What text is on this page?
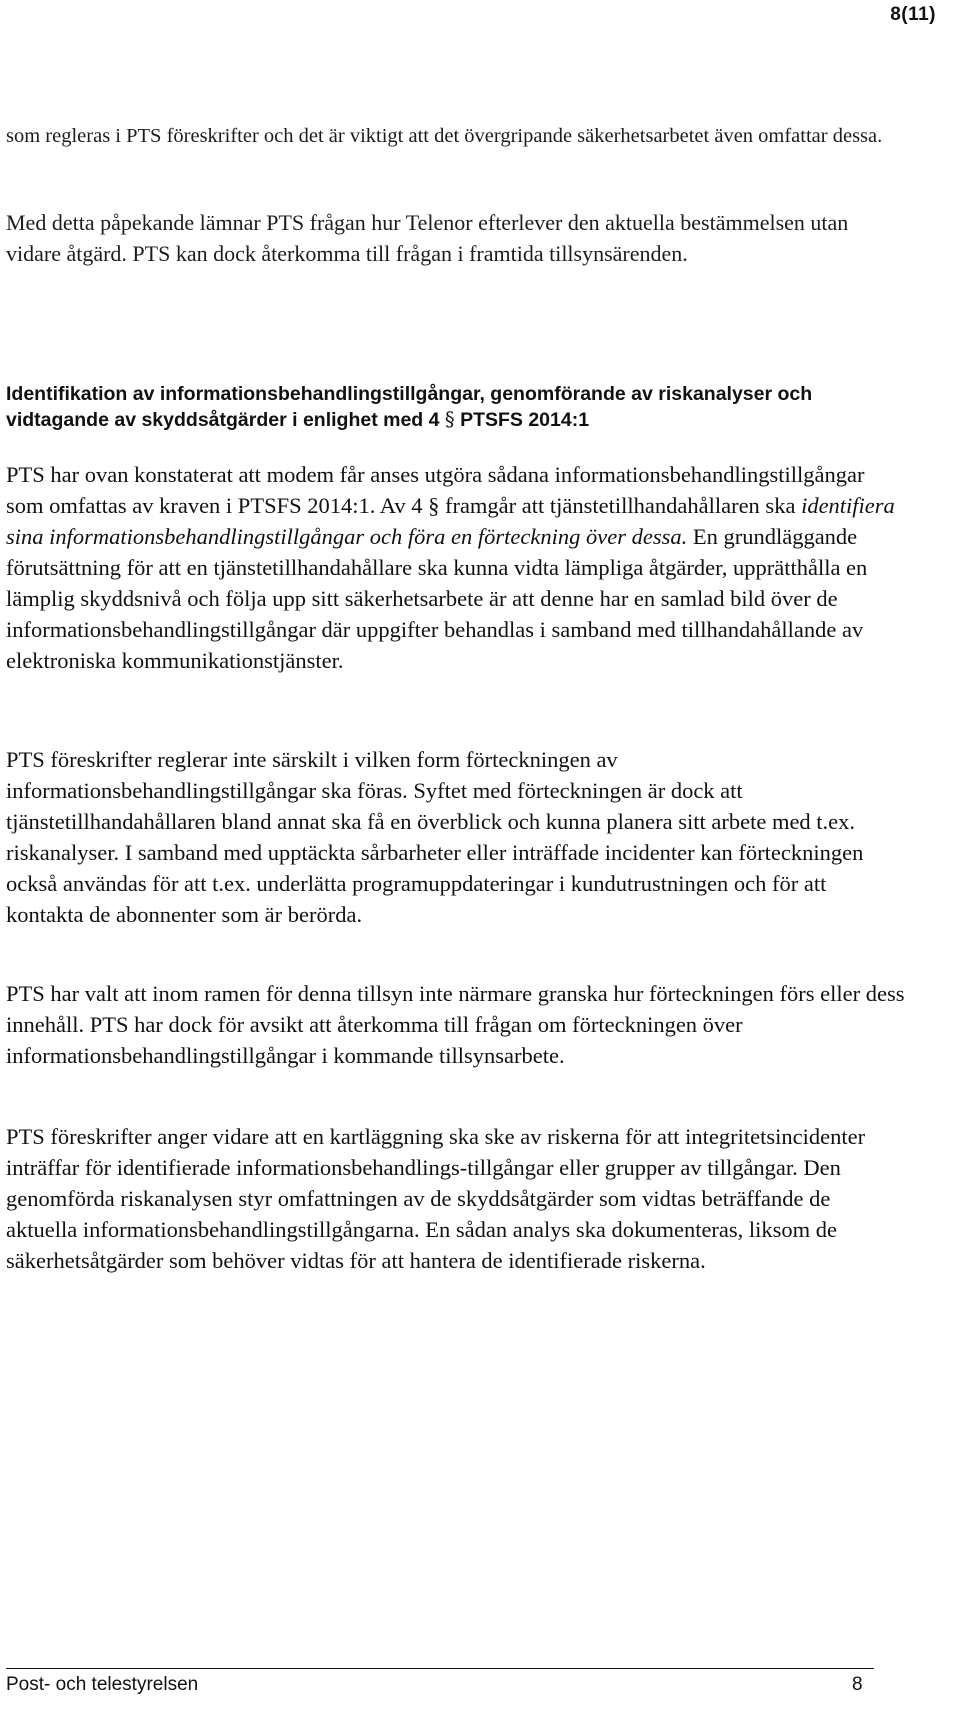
8(11)

som regleras i PTS föreskrifter och det är viktigt att det övergripande säkerhetsarbetet även omfattar dessa.

Med detta påpekande lämnar PTS frågan hur Telenor efterlever den aktuella bestämmelsen utan vidare åtgärd. PTS kan dock återkomma till frågan i framtida tillsynsärenden.

Identifikation av informationsbehandlingstillgångar, genomförande av riskanalyser och vidtagande av skyddsåtgärder i enlighet med 4 § PTSFS 2014:1

PTS har ovan konstaterat att modem får anses utgöra sådana informationsbehandlingstillgångar som omfattas av kraven i PTSFS 2014:1. Av 4 § framgår att tjänstetillhandahållaren ska identifiera sina informationsbehandlingstillgångar och föra en förteckning över dessa. En grundläggande förutsättning för att en tjänstetillhandahållare ska kunna vidta lämpliga åtgärder, upprätthålla en lämplig skyddsnivå och följa upp sitt säkerhetsarbete är att denne har en samlad bild över de informationsbehandlingstillgångar där uppgifter behandlas i samband med tillhandahållande av elektroniska kommunikationstjänster.

PTS föreskrifter reglerar inte särskilt i vilken form förteckningen av informationsbehandlingstillgångar ska föras. Syftet med förteckningen är dock att tjänstetillhandahållaren bland annat ska få en överblick och kunna planera sitt arbete med t.ex. riskanalyser. I samband med upptäckta sårbarheter eller inträffade incidenter kan förteckningen också användas för att t.ex. underlätta programuppdateringar i kundutrustningen och för att kontakta de abonnenter som är berörda.

PTS har valt att inom ramen för denna tillsyn inte närmare granska hur förteckningen förs eller dess innehåll. PTS har dock för avsikt att återkomma till frågan om förteckningen över informationsbehandlingstillgångar i kommande tillsynsarbete.

PTS föreskrifter anger vidare att en kartläggning ska ske av riskerna för att integritetsincidenter inträffar för identifierade informationsbehandlings-tillgångar eller grupper av tillgångar. Den genomförda riskanalysen styr omfattningen av de skyddsåtgärder som vidtas beträffande de aktuella informationsbehandlingstillgångarna. En sådan analys ska dokumenteras, liksom de säkerhetsåtgärder som behöver vidtas för att hantera de identifierade riskerna.

Post- och telestyrelsen	8
